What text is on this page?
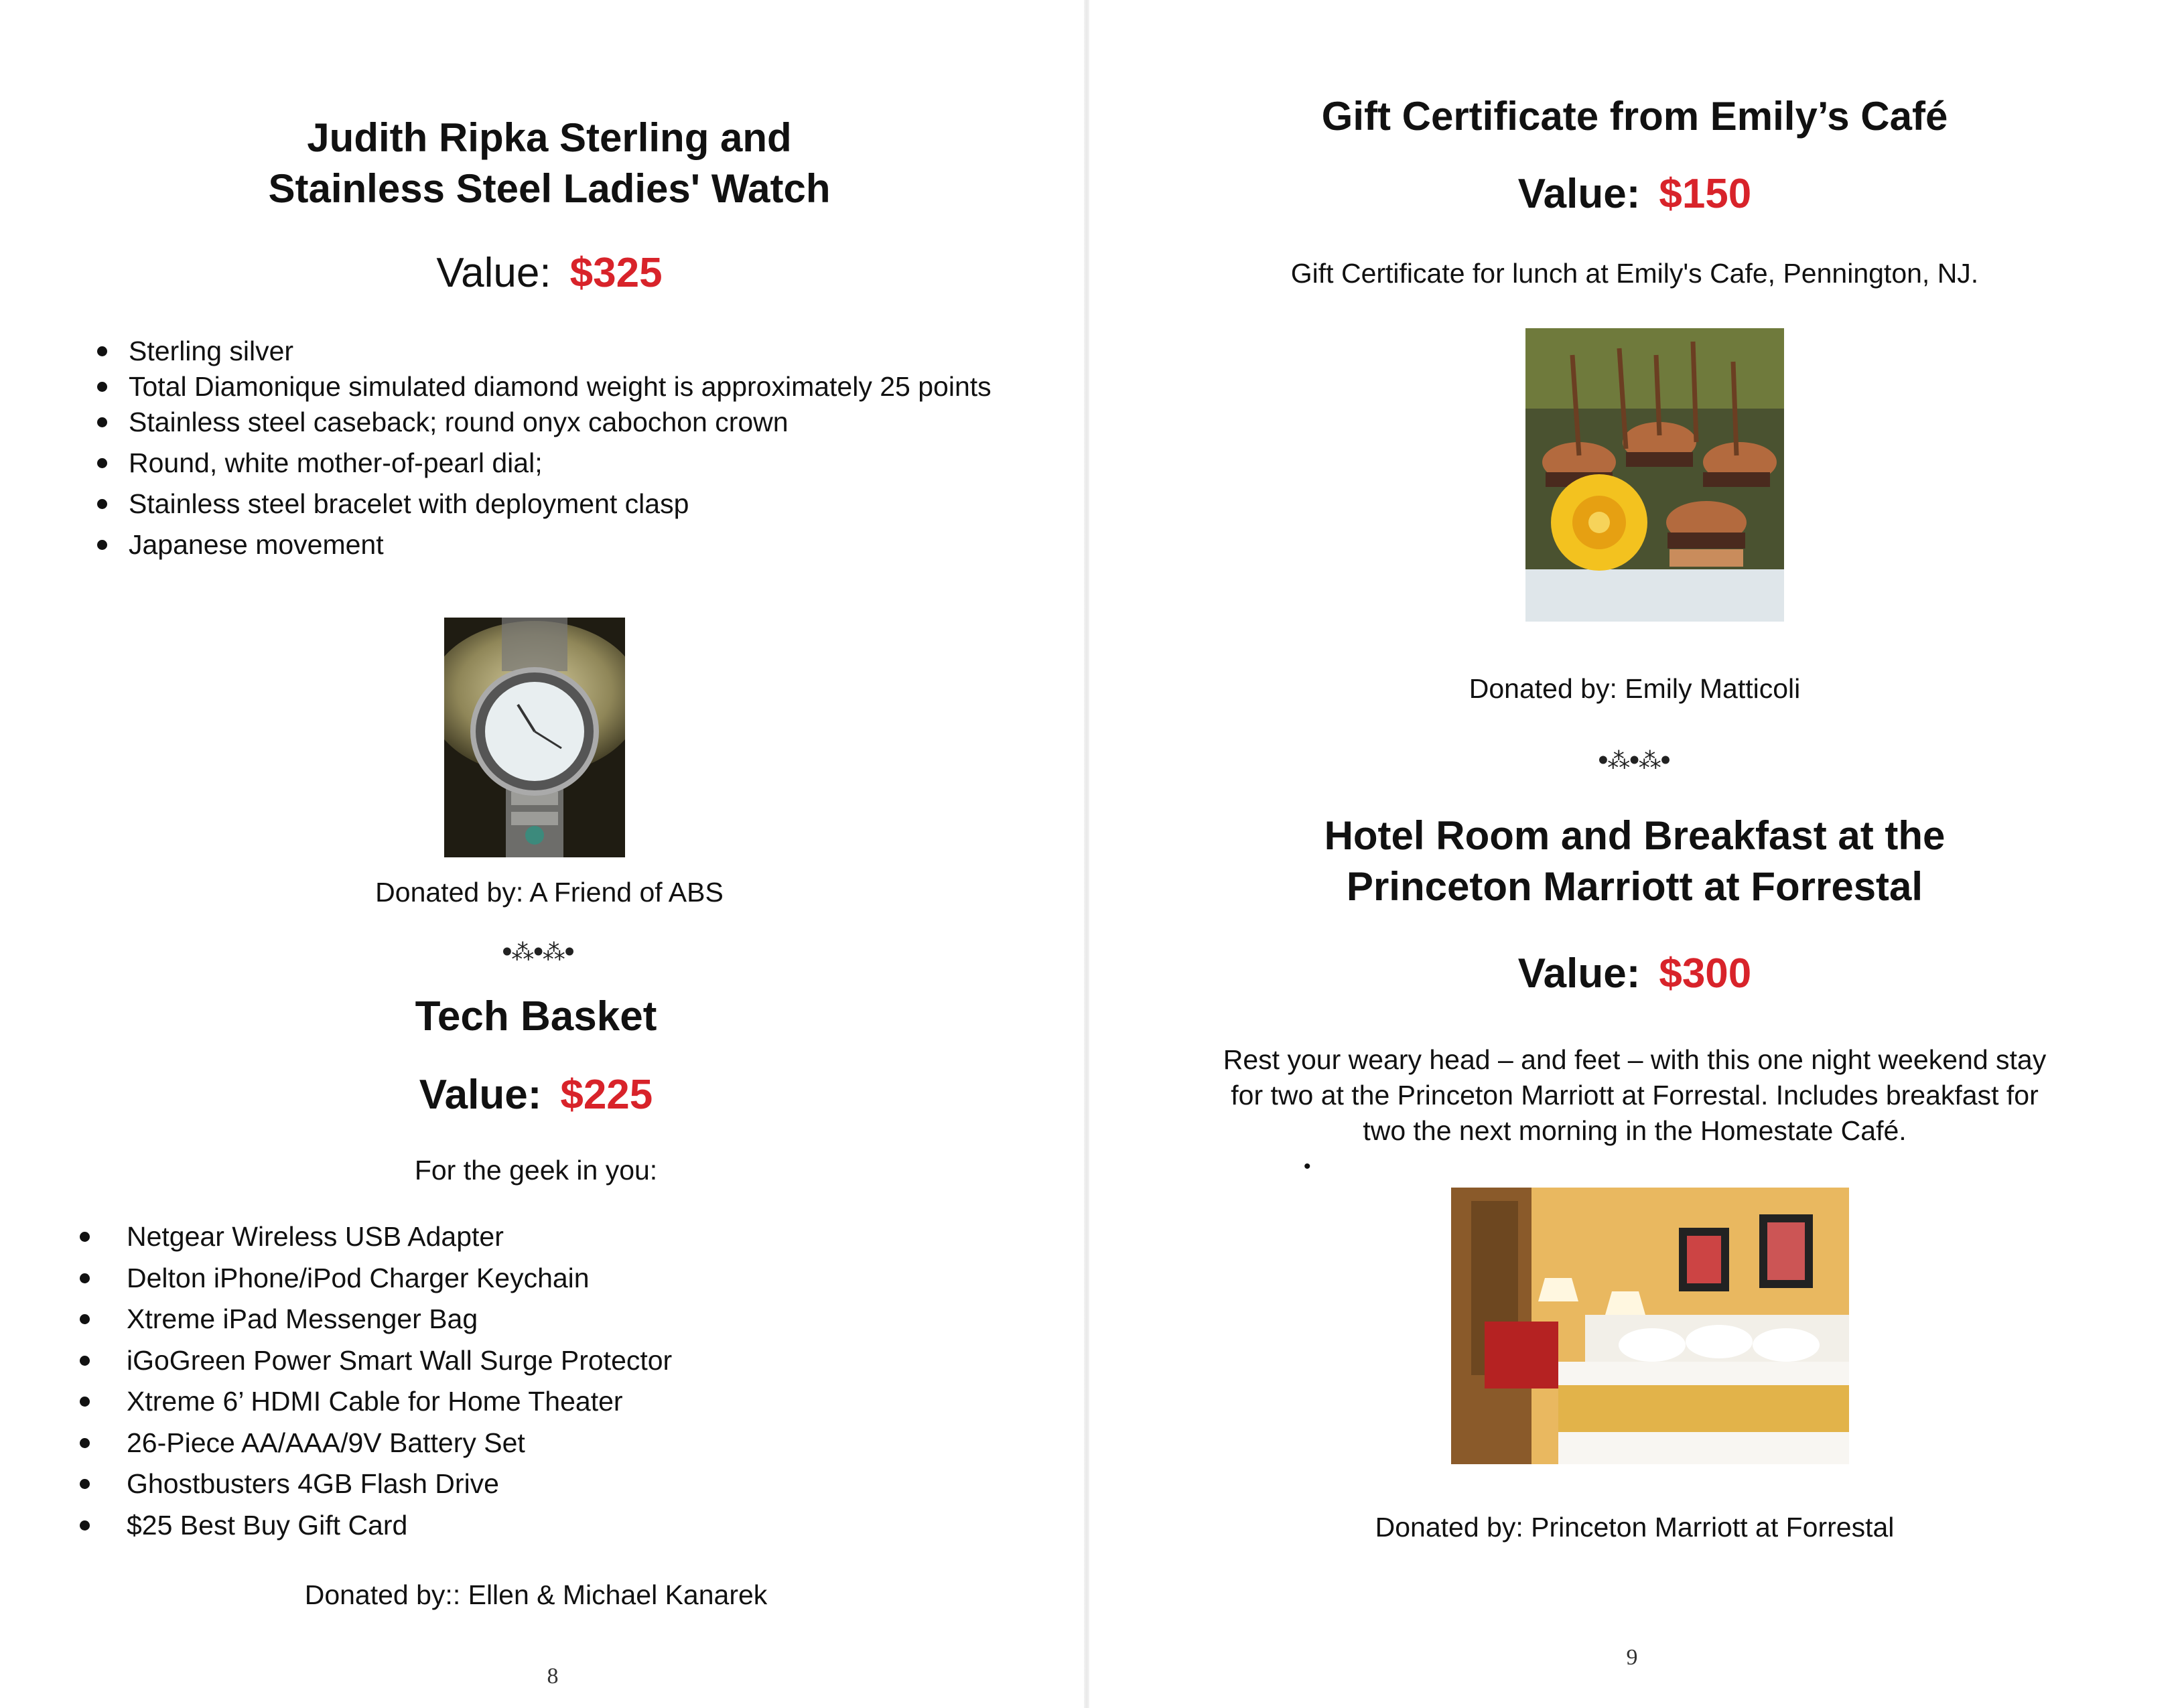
Judith Ripka Sterling and
Stainless Steel Ladies' Watch
Value: $325
Sterling silver
Total Diamonique simulated diamond weight is approximately 25 points
Stainless steel caseback; round onyx cabochon crown
Round, white mother-of-pearl dial;
Stainless steel bracelet with deployment clasp
Japanese movement
Donated by: A Friend of ABS
ꔷ⁂ꔷ⁂ꔷ
Tech Basket
Value: $225
For the geek in you:
Netgear Wireless USB Adapter
Delton iPhone/iPod Charger Keychain
Xtreme iPad Messenger Bag
iGoGreen Power Smart Wall Surge Protector
Xtreme 6’ HDMI Cable for Home Theater
26-Piece AA/AAA/9V Battery Set
Ghostbusters 4GB Flash Drive
$25 Best Buy Gift Card
Donated by:: Ellen & Michael Kanarek
8
Gift Certificate from Emily’s Café
Value: $150
Gift Certificate for lunch at Emily's Cafe, Pennington, NJ.
Donated by: Emily Matticoli
ꔷ⁂ꔷ⁂ꔷ
Hotel Room and Breakfast at the
Princeton Marriott at Forrestal
Value: $300
Rest your weary head – and feet – with this one night weekend stay
for two at the Princeton Marriott at Forrestal. Includes breakfast for
two the next morning in the Homestate Café.
•
Donated by: Princeton Marriott at Forrestal
9
